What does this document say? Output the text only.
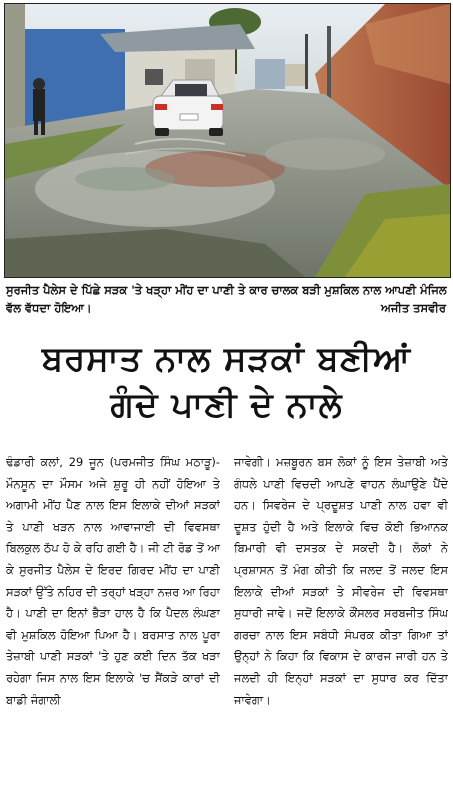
ਸੁਰਜੀਤ ਪੈਲੇਸ ਦੇ ਪਿੱਛੇ ਸੜਕ 'ਤੇ ਖੜ੍ਹਾ ਮੀਂਹ ਦਾ ਪਾਣੀ ਤੇ ਕਾਰ ਚਾਲਕ ਬੜੀ ਮੁਸ਼ਕਿਲ ਨਾਲ ਆਪਣੀ ਮੰਜਿਲ ਵੱਲ ਵੱਧਦਾ ਹੋਇਆ।	ਅਜੀਤ ਤਸਵੀਰ
ਬਰਸਾਤ ਨਾਲ ਸੜਕਾਂ ਬਣੀਆਂ
ਗੰਦੇ ਪਾਣੀ ਦੇ ਨਾਲੇ
ਢੰਡਾਰੀ ਕਲਾਂ, 29 ਜੂਨ (ਪਰਮਜੀਤ ਸਿੰਘ ਮਠਾੜੂ)-ਮੌਨਸੂਨ ਦਾ ਮੌਸਮ ਅਜੇ ਸ਼ੁਰੂ ਹੀ ਨਹੀਂ ਹੋਇਆ ਤੇ ਅਗਾਮੀ ਮੀਂਹ ਪੈਣ ਨਾਲ ਇਸ ਇਲਾਕੇ ਦੀਆਂ ਸੜਕਾਂ ਤੇ ਪਾਣੀ ਖੜਨ ਨਾਲ ਆਵਾਜਾਈ ਦੀ ਵਿਵਸਥਾ ਬਿਲਕੁਲ ਠੱਪ ਹੋ ਕੇ ਰਹਿ ਗਈ ਹੈ। ਜੀ ਟੀ ਰੋਡ ਤੋਂ ਆ ਕੇ ਸੁਰਜੀਤ ਪੈਲੇਸ ਦੇ ਇਰਦ ਗਿਰਦ ਮੀਂਹ ਦਾ ਪਾਣੀ ਸੜਕਾਂ ਉੱਤੇ ਨਹਿਰ ਦੀ ਤਰ੍ਹਾਂ ਖੜ੍ਹਾ ਨਜ਼ਰ ਆ ਰਿਹਾ ਹੈ। ਪਾਣੀ ਦਾ ਇਨਾਂ ਭੈੜਾ ਹਾਲ ਹੈ ਕਿ ਪੈਦਲ ਲੰਘਣਾ ਵੀ ਮੁਸ਼ਕਿਲ ਹੋਇਆ ਪਿਆ ਹੈ। ਬਰਸਾਤ ਨਾਲ ਪੂਰਾ ਤੇਜ਼ਾਬੀ ਪਾਣੀ ਸੜਕਾਂ 'ਤੇ ਹੁਣ ਕਈ ਦਿਨ ਤੱਕ ਖੜਾ ਰਹੇਗਾ ਜਿਸ ਨਾਲ ਇਸ ਇਲਾਕੇ 'ਚ ਸੈਂਕੜੇ ਕਾਰਾਂ ਦੀ ਬਾਡੀ ਜੰਗਾਲੀ
ਜਾਵੇਗੀ। ਮਜ਼ਬੂਰਨ ਬਸ ਲੋਕਾਂ ਨੂੰ ਇਸ ਤੇਜ਼ਾਬੀ ਅਤੇ ਗੰਧਲੇ ਪਾਣੀ ਵਿਚਦੀ ਆਪਣੇ ਵਾਹਨ ਲੰਘਾਉਣੇ ਪੈਂਦੇ ਹਨ। ਸਿਵਰੇਜ ਦੇ ਪ੍ਰਦੂਸ਼ਤ ਪਾਣੀ ਨਾਲ ਹਵਾ ਵੀ ਦੂਸ਼ਤ ਹੁੰਦੀ ਹੈ ਅਤੇ ਇਲਾਕੇ ਵਿਚ ਕੋਈ ਭਿਆਨਕ ਬਿਮਾਰੀ ਵੀ ਦਸਤਕ ਦੇ ਸਕਦੀ ਹੈ। ਲੋਕਾਂ ਨੇ ਪ੍ਰਸ਼ਾਸਨ ਤੋਂ ਮੰਗ ਕੀਤੀ ਕਿ ਜਲਦ ਤੋਂ ਜਲਦ ਇਸ ਇਲਾਕੇ ਦੀਆਂ ਸੜਕਾਂ ਤੇ ਸੀਵਰੇਜ ਦੀ ਵਿਵਸਥਾ ਸੁਧਾਰੀ ਜਾਵੇ। ਜਦੋਂ ਇਲਾਕੇ ਕੌਂਸਲਰ ਸਰਬਜੀਤ ਸਿੰਘ ਗਰਚਾ ਨਾਲ ਇਸ ਸਬੰਧੀ ਸੰਪਰਕ ਕੀਤਾ ਗਿਆ ਤਾਂ ਉਨ੍ਹਾਂ ਨੇ ਕਿਹਾ ਕਿ ਵਿਕਾਸ ਦੇ ਕਾਰਜ ਜਾਰੀ ਹਨ ਤੇ ਜਲਦੀ ਹੀ ਇਨ੍ਹਾਂ ਸੜਕਾਂ ਦਾ ਸੁਧਾਰ ਕਰ ਦਿੱਤਾ ਜਾਵੇਗਾ।
